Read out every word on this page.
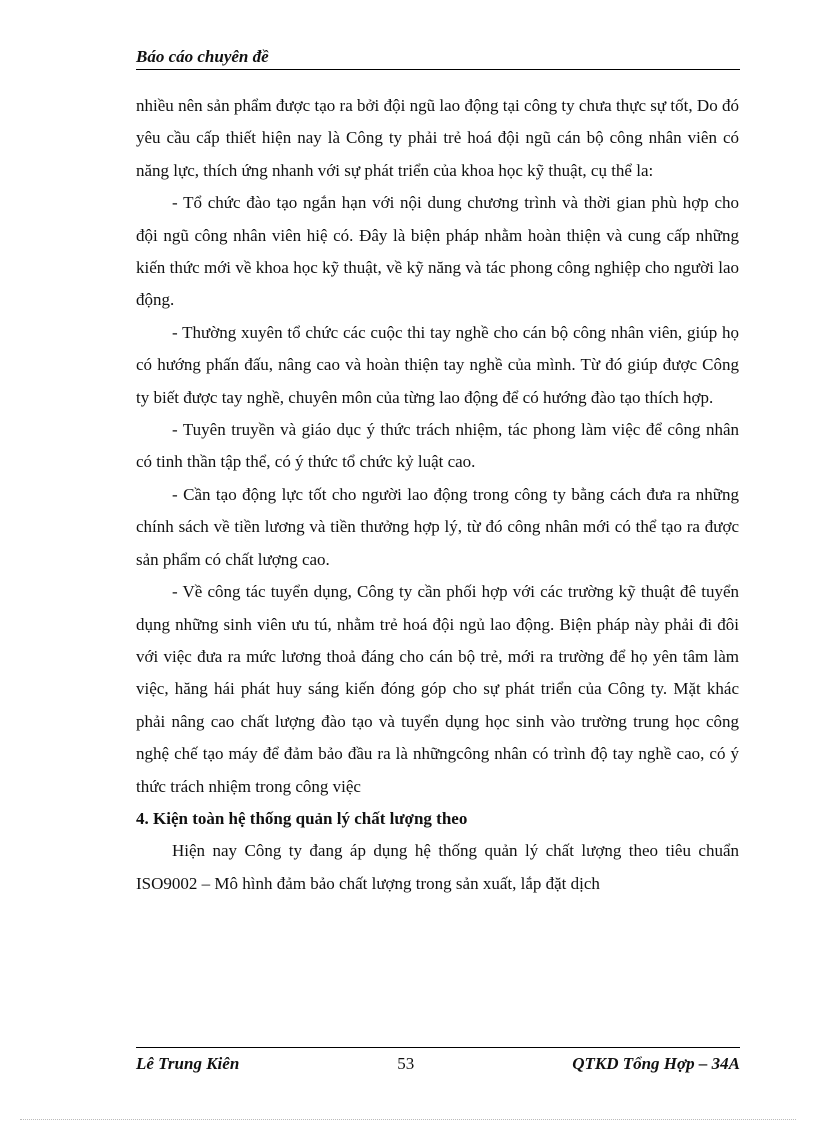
Báo cáo chuyên đề

nhiều nên sản phẩm được tạo ra bởi đội ngũ lao động tại công ty chưa thực sự tốt, Do đó yêu cầu cấp thiết hiện nay là Công ty phải trẻ hoá đội ngũ cán bộ công nhân viên có năng lực, thích ứng nhanh với sự phát triển của khoa học kỹ thuật, cụ thể la:

- Tổ chức đào tạo ngắn hạn với nội dung chương trình và thời gian phù hợp cho đội ngũ công nhân viên hiệ có. Đây là biện pháp nhằm hoàn thiện và cung cấp những kiến thức mới về khoa học kỹ thuật, về kỹ năng và tác phong công nghiệp cho người lao động.

- Thường xuyên tổ chức các cuộc thi tay nghề cho cán bộ công nhân viên, giúp họ có hướng phấn đấu, nâng cao và hoàn thiện tay nghề của mình. Từ đó giúp được Công ty biết được tay nghề, chuyên môn của từng lao động để có hướng đào tạo thích hợp.

- Tuyên truyền và giáo dục ý thức trách nhiệm, tác phong làm việc để công nhân có tinh thần tập thể, có ý thức tổ chức kỷ luật cao.

- Cần tạo động lực tốt cho người lao động trong công ty bằng cách đưa ra những chính sách về tiền lương và tiền thưởng hợp lý, từ đó công nhân mới có thể tạo ra được sản phẩm có chất lượng cao.

- Về công tác tuyển dụng, Công ty cần phối hợp với các trường kỹ thuật đê tuyển dụng những sinh viên ưu tú, nhằm trẻ hoá đội ngủ lao động. Biện pháp này phải đi đôi với việc đưa ra mức lương thoả đáng cho cán bộ trẻ, mới ra trường để họ yên tâm làm việc, hăng hái phát huy sáng kiến đóng góp cho sự phát triển của Công ty. Mặt khác phải nâng cao chất lượng đào tạo và tuyển dụng học sinh vào trường trung học công nghệ chế tạo máy để đảm bảo đầu ra là nhữngcông nhân có trình độ tay nghề cao, có ý thức trách nhiệm trong công việc

4. Kiện toàn hệ thống quản lý chất lượng theo

Hiện nay Công ty đang áp dụng hệ thống quản lý chất lượng theo tiêu chuẩn ISO9002 – Mô hình đảm bảo chất lượng trong sản xuất, lắp đặt dịch

Lê Trung Kiên	53	QTKD Tổng Hợp – 34A
